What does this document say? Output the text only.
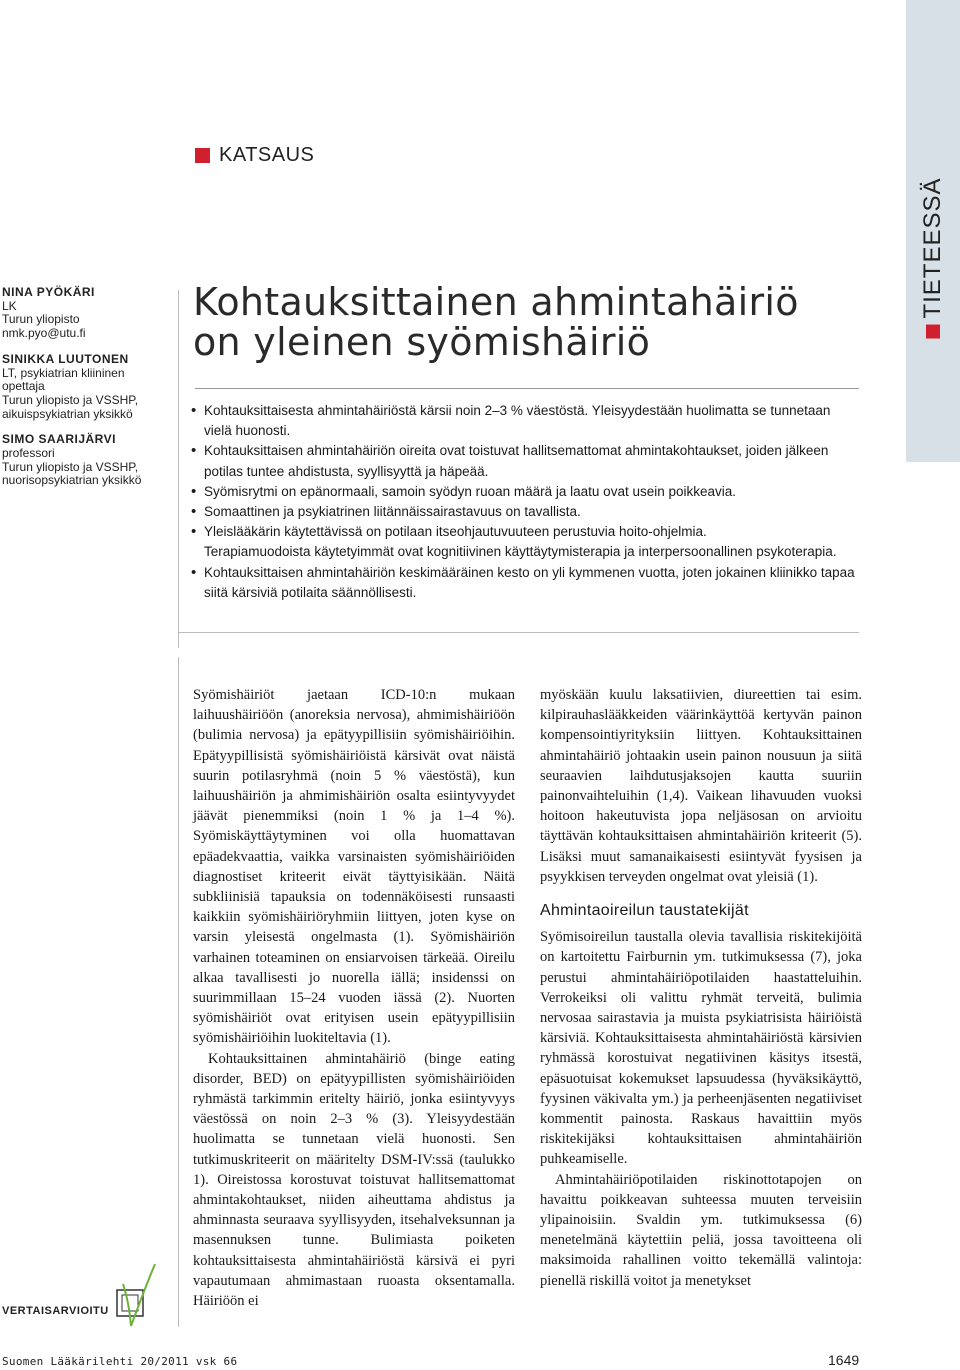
TIETEESSÄ
KATSAUS
NINA PYÖKÄRI
LK
Turun yliopisto
nmk.pyo@utu.fi
SINIKKA LUUTONEN
LT, psykiatrian kliininen
opettaja
Turun yliopisto ja VSSHP,
aikuispsykiatrian yksikkö
SIMO SAARIJÄRVI
professori
Turun yliopisto ja VSSHP,
nuorisopsykiatrian yksikkö
Kohtauksittainen ahmintahäiriö
on yleinen syömishäiriö
• Kohtauksittaisesta ahmintahäiriöstä kärsii noin 2–3 % väestöstä. Yleisyydestään huolimatta se tunnetaan vielä huonosti.
• Kohtauksittaisen ahmintahäiriön oireita ovat toistuvat hallitsemattomat ahmintakohtaukset, joiden jälkeen potilas tuntee ahdistusta, syyllisyyttä ja häpeää.
• Syömisrytmi on epänormaali, samoin syödyn ruoan määrä ja laatu ovat usein poikkeavia.
• Somaattinen ja psykiatrinen liitännäissairastavuus on tavallista.
• Yleislääkärin käytettävissä on potilaan itseohjautuvuuteen perustuvia hoito-ohjelmia.
Terapiamuodoista käytetyimmät ovat kognitiivinen käyttäytymisterapia ja interpersoonallinen psykoterapia.
• Kohtauksittaisen ahmintahäiriön keskimääräinen kesto on yli kymmenen vuotta, joten jokainen kliinikko tapaa siitä kärsiviä potilaita säännöllisesti.

Syömishäiriöt jaetaan ICD-10:n mukaan laihuushäiriöön (anoreksia nervosa), ahmimishäiriöön (bulimia nervosa) ja epätyypillisiin syömishäiriöihin. Epätyypillisistä syömishäiriöistä kärsivät ovat näistä suurin potilasryhmä (noin 5 % väestöstä), kun laihuushäiriön ja ahmimishäiriön osalta esiintyvyydet jäävät pienemmiksi (noin 1 % ja 1–4 %). Syömiskäyttäytyminen voi olla huomattavan epäadekvaattia, vaikka varsinaisten syömishäiriöiden diagnostiset kriteerit eivät täyttyisikään. Näitä subkliinisiä tapauksia on todennäköisesti runsaasti kaikkiin syömishäiriöryhmiin liittyen, joten kyse on varsin yleisestä ongelmasta (1). Syömishäiriön varhainen toteaminen on ensiarvoisen tärkeää. Oireilu alkaa tavallisesti jo nuorella iällä; insidenssi on suurimmillaan 15–24 vuoden iässä (2). Nuorten syömishäiriöt ovat erityisen usein epätyypillisiin syömishäiriöihin luokiteltavia (1).

Kohtauksittainen ahmintahäiriö (binge eating disorder, BED) on epätyypillisten syömishäiriöiden ryhmästä tarkimmin eritelty häiriö, jonka esiintyvyys väestössä on noin 2–3 % (3). Yleisyydestään huolimatta se tunnetaan vielä huonosti. Sen tutkimuskriteerit on määritelty DSM-IV:ssä (taulukko 1). Oireistossa korostuvat toistuvat hallitsemattomat ahmintakohtaukset, niiden aiheuttama ahdistus ja ahminnasta seuraava syyllisyyden, itsehalveksunnan ja masennuksen tunne. Bulimiasta poiketen kohtauksittaisesta ahmintahäiriöstä kärsivä ei pyri vapautumaan ahmimastaan ruoasta oksentamalla. Häiriöön ei

myöskään kuulu laksatiivien, diureettien tai esim. kilpirauhaslääkkeiden väärinkäyttöä kertyvän painon kompensointiyrityksiin liittyen. Kohtauksittainen ahmintahäiriö johtaakin usein painon nousuun ja siitä seuraavien laihdutusjaksojen kautta suuriin painonvaihteluihin (1,4). Vaikean lihavuuden vuoksi hoitoon hakeutuvista jopa neljäsosan on arvioitu täyttävän kohtauksittaisen ahmintahäiriön kriteerit (5). Lisäksi muut samanaikaisesti esiintyvät fyysisen ja psyykkisen terveyden ongelmat ovat yleisiä (1).

Ahmintaoireilun taustatekijät

Syömisoireilun taustalla olevia tavallisia riskitekijöitä on kartoitettu Fairburnin ym. tutkimuksessa (7), joka perustui ahmintahäiriöpotilaiden haastatteluihin. Verrokeiksi oli valittu ryhmät terveitä, bulimia nervosaa sairastavia ja muista psykiatrisista häiriöistä kärsiviä. Kohtauksittaisesta ahmintahäiriöstä kärsivien ryhmässä korostuivat negatiivinen käsitys itsestä, epäsuotuisat kokemukset lapsuudessa (hyväksikäyttö, fyysinen väkivalta ym.) ja perheenjäsenten negatiiviset kommentit painosta. Raskaus havaittiin myös riskitekijäksi kohtauksittaisen ahmintahäiriön puhkeamiselle.

Ahmintahäiriöpotilaiden riskinottotapojen on havaittu poikkeavan suhteessa muuten terveisiin ylipainoisiin. Svaldin ym. tutkimuksessa (6) menetelmänä käytettiin peliä, jossa tavoitteena oli maksimoida rahallinen voitto tekemällä valintoja: pienellä riskillä voitot ja menetykset

VERTAISARVIOITU
Suomen Lääkärilehti 20/2011 vsk 66	1649
